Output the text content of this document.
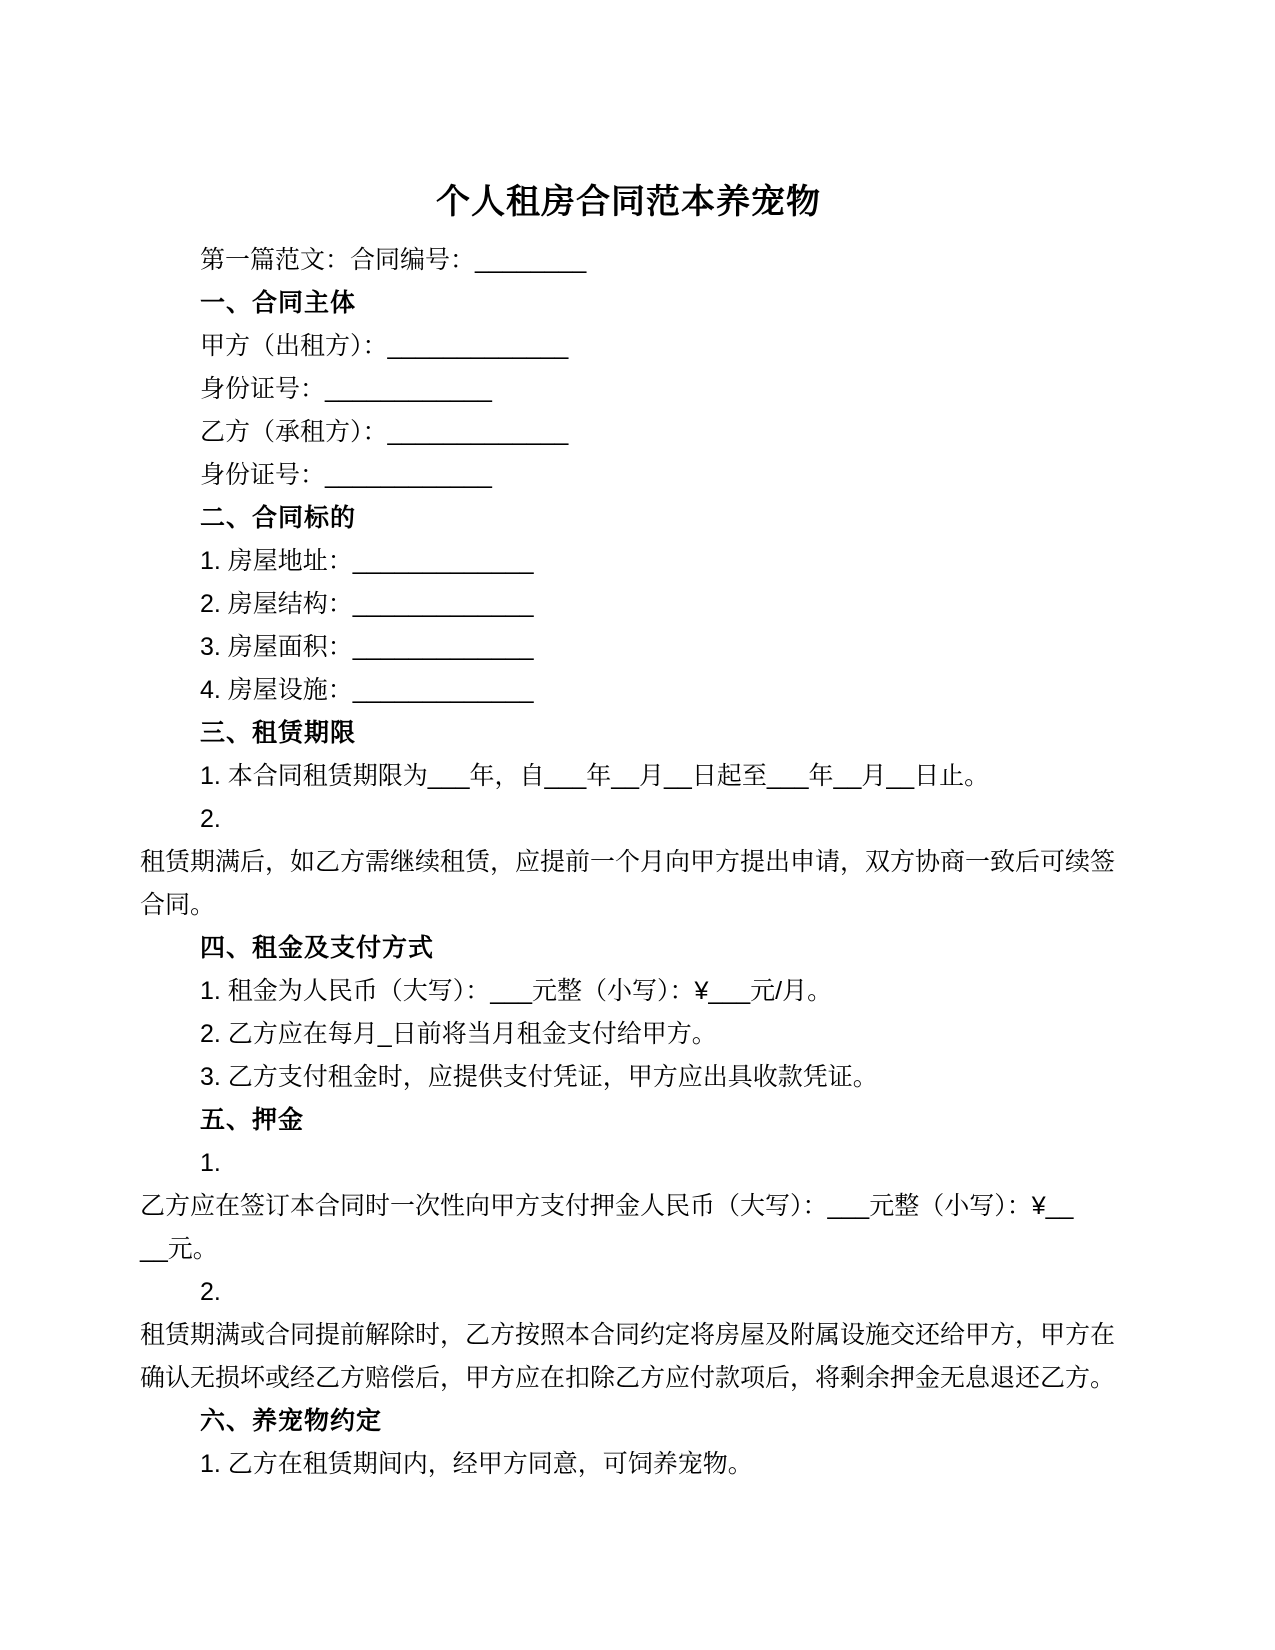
个人租房合同范本养宠物
第一篇范文：合同编号：________
一、合同主体
甲方（出租方）：_____________
身份证号：____________
乙方（承租方）：_____________
身份证号：____________
二、合同标的
1. 房屋地址：_____________
2. 房屋结构：_____________
3. 房屋面积：_____________
4. 房屋设施：_____________
三、租赁期限
1. 本合同租赁期限为___年，自___年__月__日起至___年__月__日止。
2.
租赁期满后，如乙方需继续租赁，应提前一个月向甲方提出申请，双方协商一致后可续签
合同。
四、租金及支付方式
1. 租金为人民币（大写）：___元整（小写）：¥___元/月。
2. 乙方应在每月_日前将当月租金支付给甲方。
3. 乙方支付租金时，应提供支付凭证，甲方应出具收款凭证。
五、押金
1.
乙方应在签订本合同时一次性向甲方支付押金人民币（大写）：___元整（小写）：¥__
__元。
2.
租赁期满或合同提前解除时，乙方按照本合同约定将房屋及附属设施交还给甲方，甲方在
确认无损坏或经乙方赔偿后，甲方应在扣除乙方应付款项后，将剩余押金无息退还乙方。
六、养宠物约定
1. 乙方在租赁期间内，经甲方同意，可饲养宠物。
